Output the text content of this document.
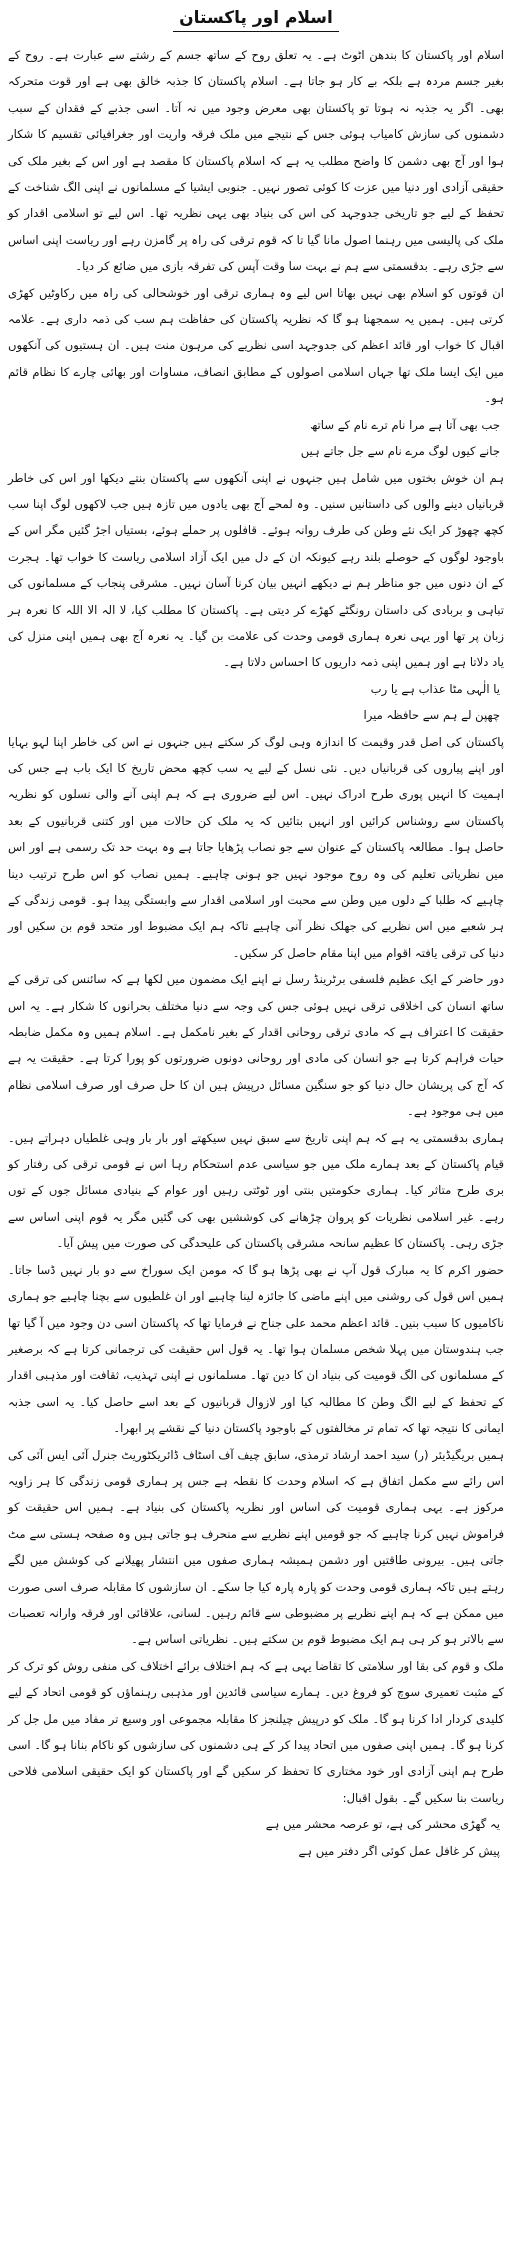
اسلام اور پاکستان

اسلام اور پاکستان کا بندھن اٹوٹ ہے۔ یہ تعلق روح کے ساتھ جسم کے رشتے سے عبارت ہے۔ روح کے بغیر جسم مردہ ہے بلکہ بے کار ہو جاتا ہے۔ اسلام پاکستان کا جذبہ خالق بھی ہے اور قوت متحرکہ بھی۔ اگر یہ جذبہ نہ ہوتا تو پاکستان بھی معرض وجود میں نہ آتا۔ اسی جذبے کے فقدان کے سبب دشمنوں کی سازش کامیاب ہوئی جس کے نتیجے میں ملک فرقہ واریت اور جغرافیائی تقسیم کا شکار ہوا اور آج بھی دشمن کا واضح مطلب یہ ہے کہ اسلام پاکستان کا مقصد ہے اور اس کے بغیر ملک کی حقیقی آزادی اور دنیا میں عزت کا کوئی تصور نہیں۔ جنوبی ایشیا کے مسلمانوں نے اپنی الگ شناخت کے تحفظ کے لیے جو تاریخی جدوجہد کی اس کی بنیاد بھی یہی نظریہ تھا۔ اس لیے تو اسلامی اقدار کو ملک کی پالیسی میں رہنما اصول مانا گیا تا کہ قوم ترقی کی راہ پر گامزن رہے اور ریاست اپنی اساس سے جڑی رہے۔ بدقسمتی سے ہم نے بہت سا وقت آپس کی تفرقہ بازی میں ضائع کر دیا۔

ان قوتوں کو اسلام بھی نہیں بھاتا اس لیے وہ ہماری ترقی اور خوشحالی کی راہ میں رکاوٹیں کھڑی کرتی ہیں۔ ہمیں یہ سمجھنا ہو گا کہ نظریہ پاکستان کی حفاظت ہم سب کی ذمہ داری ہے۔ علامہ اقبال کا خواب اور قائد اعظم کی جدوجہد اسی نظریے کی مرہون منت ہیں۔ ان ہستیوں کی آنکھوں میں ایک ایسا ملک تھا جہاں اسلامی اصولوں کے مطابق انصاف، مساوات اور بھائی چارے کا نظام قائم ہو۔

جب بھی آتا ہے مرا نام ترے نام کے ساتھ
جانے کیوں لوگ مرے نام سے جل جاتے ہیں

ہم ان خوش بختوں میں شامل ہیں جنہوں نے اپنی آنکھوں سے پاکستان بنتے دیکھا اور اس کی خاطر قربانیاں دینے والوں کی داستانیں سنیں۔ وہ لمحے آج بھی یادوں میں تازہ ہیں جب لاکھوں لوگ اپنا سب کچھ چھوڑ کر ایک نئے وطن کی طرف روانہ ہوئے۔ قافلوں پر حملے ہوئے، بستیاں اجڑ گئیں مگر اس کے باوجود لوگوں کے حوصلے بلند رہے کیونکہ ان کے دل میں ایک آزاد اسلامی ریاست کا خواب تھا۔ ہجرت کے ان دنوں میں جو مناظر ہم نے دیکھے انہیں بیان کرنا آسان نہیں۔ مشرقی پنجاب کے مسلمانوں کی تباہی و بربادی کی داستان رونگٹے کھڑے کر دیتی ہے۔ پاکستان کا مطلب کیا، لا الہ الا اللہ کا نعرہ ہر زبان پر تھا اور یہی نعرہ ہماری قومی وحدت کی علامت بن گیا۔ یہ نعرہ آج بھی ہمیں اپنی منزل کی یاد دلاتا ہے اور ہمیں اپنی ذمہ داریوں کا احساس دلاتا ہے۔

یا الٰہی مٹا عذاب ہے یا رب
چھپن لے ہم سے حافظہ میرا

پاکستان کی اصل قدر وقیمت کا اندازہ وہی لوگ کر سکتے ہیں جنہوں نے اس کی خاطر اپنا لہو بہایا اور اپنے پیاروں کی قربانیاں دیں۔ نئی نسل کے لیے یہ سب کچھ محض تاریخ کا ایک باب ہے جس کی اہمیت کا انہیں پوری طرح ادراک نہیں۔ اس لیے ضروری ہے کہ ہم اپنی آنے والی نسلوں کو نظریہ پاکستان سے روشناس کرائیں اور انہیں بتائیں کہ یہ ملک کن حالات میں اور کتنی قربانیوں کے بعد حاصل ہوا۔ مطالعہ پاکستان کے عنوان سے جو نصاب پڑھایا جاتا ہے وہ بہت حد تک رسمی ہے اور اس میں نظریاتی تعلیم کی وہ روح موجود نہیں جو ہونی چاہیے۔ ہمیں نصاب کو اس طرح ترتیب دینا چاہیے کہ طلبا کے دلوں میں وطن سے محبت اور اسلامی اقدار سے وابستگی پیدا ہو۔ قومی زندگی کے ہر شعبے میں اس نظریے کی جھلک نظر آنی چاہیے تاکہ ہم ایک مضبوط اور متحد قوم بن سکیں اور دنیا کی ترقی یافتہ اقوام میں اپنا مقام حاصل کر سکیں۔

دور حاضر کے ایک عظیم فلسفی برٹرینڈ رسل نے اپنے ایک مضمون میں لکھا ہے کہ سائنس کی ترقی کے ساتھ انسان کی اخلاقی ترقی نہیں ہوئی جس کی وجہ سے دنیا مختلف بحرانوں کا شکار ہے۔ یہ اس حقیقت کا اعتراف ہے کہ مادی ترقی روحانی اقدار کے بغیر نامکمل ہے۔ اسلام ہمیں وہ مکمل ضابطہ حیات فراہم کرتا ہے جو انسان کی مادی اور روحانی دونوں ضرورتوں کو پورا کرتا ہے۔ حقیقت یہ ہے کہ آج کی پریشان حال دنیا کو جو سنگین مسائل درپیش ہیں ان کا حل صرف اور صرف اسلامی نظام میں ہی موجود ہے۔

ہماری بدقسمتی یہ ہے کہ ہم اپنی تاریخ سے سبق نہیں سیکھتے اور بار بار وہی غلطیاں دہراتے ہیں۔ قیام پاکستان کے بعد ہمارے ملک میں جو سیاسی عدم استحکام رہا اس نے قومی ترقی کی رفتار کو بری طرح متاثر کیا۔ ہماری حکومتیں بنتی اور ٹوٹتی رہیں اور عوام کے بنیادی مسائل جوں کے توں رہے۔ غیر اسلامی نظریات کو پروان چڑھانے کی کوششیں بھی کی گئیں مگر یہ قوم اپنی اساس سے جڑی رہی۔ پاکستان کا عظیم سانحہ مشرقی پاکستان کی علیحدگی کی صورت میں پیش آیا۔

حضور اکرم کا یہ مبارک قول آپ نے بھی پڑھا ہو گا کہ مومن ایک سوراخ سے دو بار نہیں ڈسا جاتا۔ ہمیں اس قول کی روشنی میں اپنے ماضی کا جائزہ لینا چاہیے اور ان غلطیوں سے بچنا چاہیے جو ہماری ناکامیوں کا سبب بنیں۔ قائد اعظم محمد علی جناح نے فرمایا تھا کہ پاکستان اسی دن وجود میں آ گیا تھا جب ہندوستان میں پہلا شخص مسلمان ہوا تھا۔ یہ قول اس حقیقت کی ترجمانی کرتا ہے کہ برصغیر کے مسلمانوں کی الگ قومیت کی بنیاد ان کا دین تھا۔ مسلمانوں نے اپنی تہذیب، ثقافت اور مذہبی اقدار کے تحفظ کے لیے الگ وطن کا مطالبہ کیا اور لازوال قربانیوں کے بعد اسے حاصل کیا۔ یہ اسی جذبہ ایمانی کا نتیجہ تھا کہ تمام تر مخالفتوں کے باوجود پاکستان دنیا کے نقشے پر ابھرا۔

ہمیں بریگیڈیئر (ر) سید احمد ارشاد ترمذی، سابق چیف آف اسٹاف ڈائریکٹوریٹ جنرل آئی ایس آئی کی اس رائے سے مکمل اتفاق ہے کہ اسلام وحدت کا نقطہ ہے جس پر ہماری قومی زندگی کا ہر زاویہ مرکوز ہے۔ یہی ہماری قومیت کی اساس اور نظریہ پاکستان کی بنیاد ہے۔ ہمیں اس حقیقت کو فراموش نہیں کرنا چاہیے کہ جو قومیں اپنے نظریے سے منحرف ہو جاتی ہیں وہ صفحہ ہستی سے مٹ جاتی ہیں۔ بیرونی طاقتیں اور دشمن ہمیشہ ہماری صفوں میں انتشار پھیلانے کی کوشش میں لگے رہتے ہیں تاکہ ہماری قومی وحدت کو پارہ پارہ کیا جا سکے۔ ان سازشوں کا مقابلہ صرف اسی صورت میں ممکن ہے کہ ہم اپنے نظریے پر مضبوطی سے قائم رہیں۔ لسانی، علاقائی اور فرقہ وارانہ تعصبات سے بالاتر ہو کر ہی ہم ایک مضبوط قوم بن سکتے ہیں۔ نظریاتی اساس ہے۔

ملک و قوم کی بقا اور سلامتی کا تقاضا یہی ہے کہ ہم اختلاف برائے اختلاف کی منفی روش کو ترک کر کے مثبت تعمیری سوچ کو فروغ دیں۔ ہمارے سیاسی قائدین اور مذہبی رہنماؤں کو قومی اتحاد کے لیے کلیدی کردار ادا کرنا ہو گا۔ ملک کو درپیش چیلنجز کا مقابلہ مجموعی اور وسیع تر مفاد میں مل جل کر کرنا ہو گا۔ ہمیں اپنی صفوں میں اتحاد پیدا کر کے ہی دشمنوں کی سازشوں کو ناکام بنانا ہو گا۔ اسی طرح ہم اپنی آزادی اور خود مختاری کا تحفظ کر سکیں گے اور پاکستان کو ایک حقیقی اسلامی فلاحی ریاست بنا سکیں گے۔ بقول اقبال:

یہ گھڑی محشر کی ہے، تو عرصہ محشر میں ہے
پیش کر غافل عمل کوئی اگر دفتر میں ہے
